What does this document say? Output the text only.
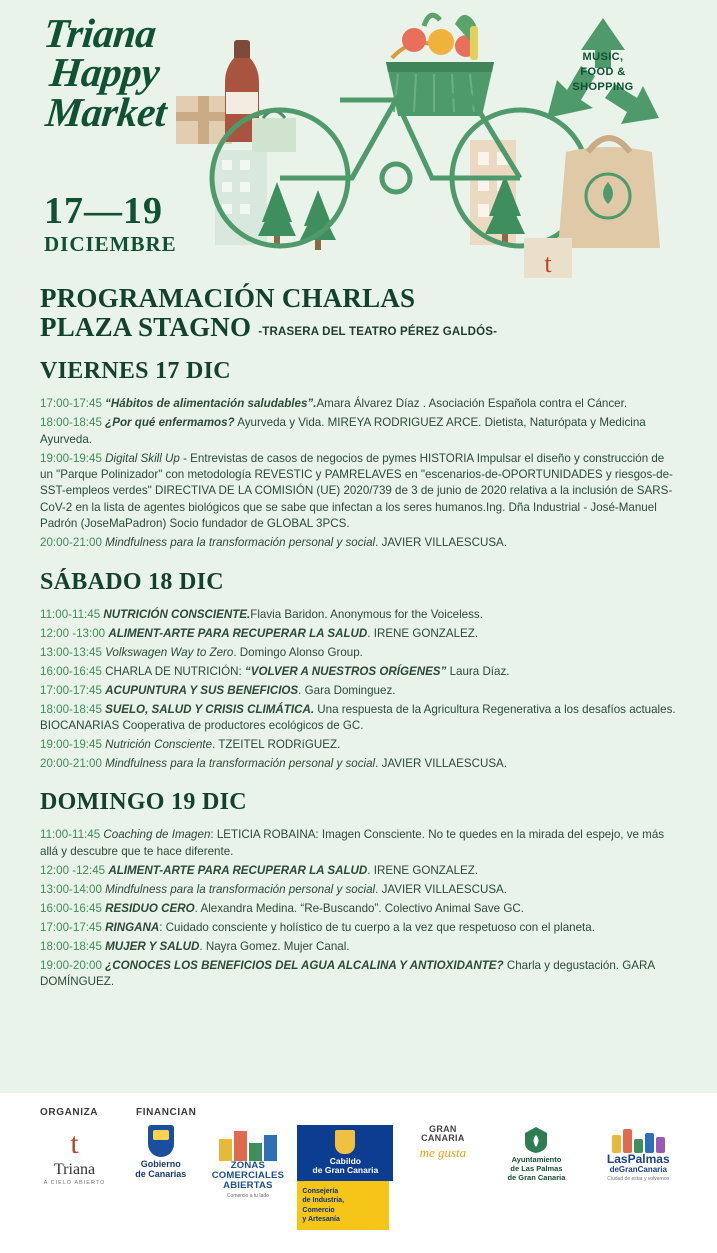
t
MUSIC,
FOOD &
SHOPPING
Triana
Happy
Market
17—19
DICIEMBRE
PROGRAMACIÓN CHARLAS
PLAZA STAGNO -TRASERA DEL TEATRO PÉREZ GALDÓS-
VIERNES 17 DIC
17:00-17:45 “Hábitos de alimentación saludables”.Amara Álvarez Díaz . Asociación Española contra el Cáncer.
18:00-18:45 ¿Por qué enfermamos? Ayurveda y Vida. MIREYA RODRIGUEZ ARCE. Dietista, Naturópata y Medicina Ayurveda.
19:00-19:45 Digital Skill Up - Entrevistas de casos de negocios de pymes HISTORIA Impulsar el diseño y construcción de un "Parque Polinizador" con metodología REVESTIC y PAMRELAVES en "escenarios-de-OPORTUNIDADES y riesgos-de-SST-empleos verdes" DIRECTIVA DE LA COMISIÓN (UE) 2020/739 de 3 de junio de 2020 relativa a la inclusión de SARS-CoV-2 en la lista de agentes biológicos que se sabe que infectan a los seres humanos.Ing. Dña Industrial - José-Manuel Padrón (JoseMaPadron) Socio fundador de GLOBAL 3PCS.
20:00-21:00 Mindfulness para la transformación personal y social. JAVIER VILLAESCUSA.
SÁBADO 18 DIC
11:00-11:45 NUTRICIÓN CONSCIENTE.Flavia Baridon. Anonymous for the Voiceless.
12:00 -13:00 ALIMENT-ARTE PARA RECUPERAR LA SALUD. IRENE GONZALEZ.
13:00-13:45 Volkswagen Way to Zero. Domingo Alonso Group.
16:00-16:45 CHARLA DE NUTRICIÓN: “VOLVER A NUESTROS ORÍGENES” Laura Díaz.
17:00-17:45 ACUPUNTURA Y SUS BENEFICIOS. Gara Dominguez.
18:00-18:45 SUELO, SALUD Y CRISIS CLIMÁTICA. Una respuesta de la Agricultura Regenerativa a los desafíos actuales. BIOCANARIAS Cooperativa de productores ecológicos de GC.
19:00-19:45 Nutrición Consciente. TZEITEL RODRíGUEZ.
20:00-21:00 Mindfulness para la transformación personal y social. JAVIER VILLAESCUSA.
DOMINGO 19 DIC
11:00-11:45 Coaching de Imagen: LETICIA ROBAINA: Imagen Consciente. No te quedes en la mirada del espejo, ve más allá y descubre que te hace diferente.
12:00 -12:45 ALIMENT-ARTE PARA RECUPERAR LA SALUD. IRENE GONZALEZ.
13:00-14:00 Mindfulness para la transformación personal y social. JAVIER VILLAESCUSA.
16:00-16:45 RESIDUO CERO. Alexandra Medina. “Re-Buscando”. Colectivo Animal Save GC.
17:00-17:45 RINGANA: Cuidado consciente y holístico de tu cuerpo a la vez que respetuoso con el planeta.
18:00-18:45 MUJER Y SALUD. Nayra Gomez. Mujer Canal.
19:00-20:00 ¿CONOCES LOS BENEFICIOS DEL AGUA ALCALINA Y ANTIOXIDANTE? Charla y degustación. GARA DOMÍNGUEZ.
ORGANIZA	FINANCIAN
t
Triana
A CIELO ABIERTO
Gobierno
de Canarias
ZONAS
COMERCIALES
ABIERTAS
Comercio a tu lado
Cabildo
de Gran Canaria
Consejería
de Industria,
Comercio
y Artesanía
GRAN
CANARIA
me gusta	Ayuntamiento
de Las Palmas
de Gran Canaria
LasPalmas
deGranCanaria
Ciudad de estar y volvernos
